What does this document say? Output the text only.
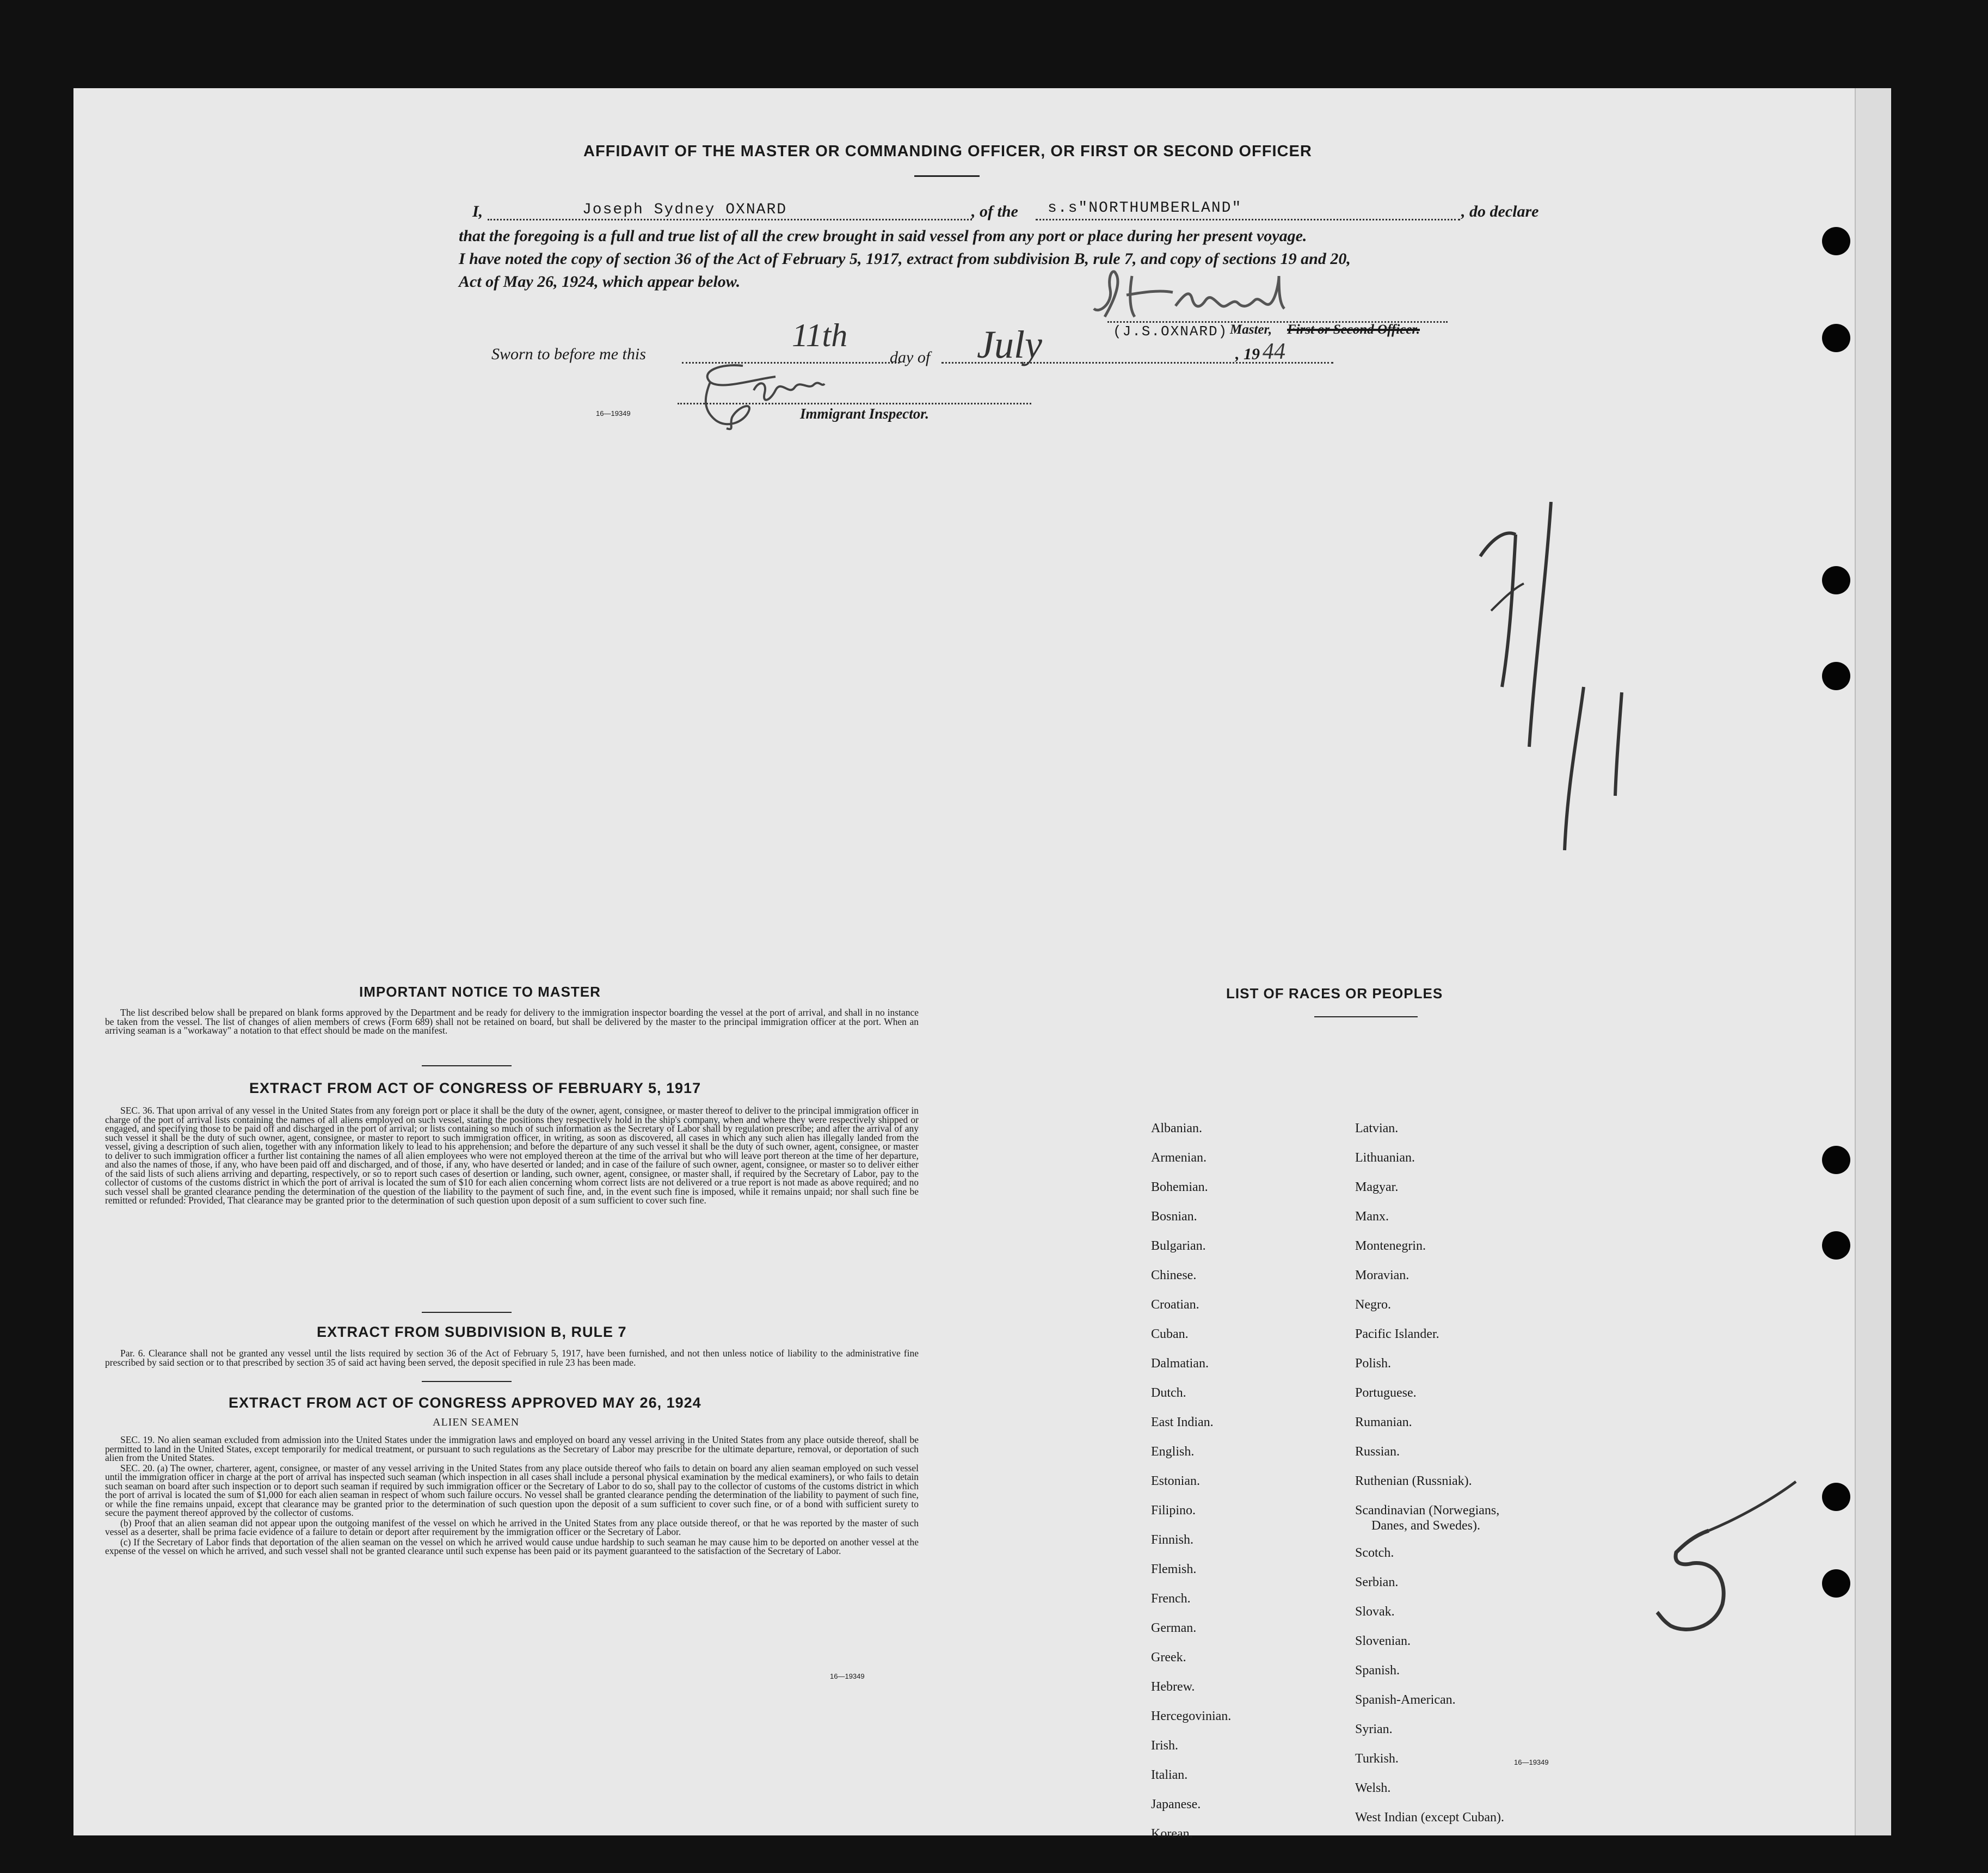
AFFIDAVIT OF THE MASTER OR COMMANDING OFFICER, OR FIRST OR SECOND OFFICER
I,	Joseph Sydney OXNARD	, of the s.s"NORTHUMBERLAND"	, do declare
that the foregoing is a full and true list of all the crew brought in said vessel from any port or place during her present voyage.
I have noted the copy of section 36 of the Act of February 5, 1917, extract from subdivision B, rule 7, and copy of sections 19 and 20,
Act of May 26, 1924, which appear below.
(J.S.OXNARD) Master, First or Second Officer.
Sworn to before me this
11th
day of July	, 19 44
16—19349	Immigrant Inspector.
IMPORTANT NOTICE TO MASTER

The list described below shall be prepared on blank forms approved by the Department and be ready for delivery to the immigration inspector boarding the vessel at the port of arrival, and shall in no instance be taken from the vessel. The list of changes of alien members of crews (Form 689) shall not be retained on board, but shall be delivered by the master to the principal immigration officer at the port. When an arriving seaman is a "workaway" a notation to that effect should be made on the manifest.

EXTRACT FROM ACT OF CONGRESS OF FEBRUARY 5, 1917

SEC. 36. That upon arrival of any vessel in the United States from any foreign port or place it shall be the duty of the owner, agent, consignee, or master thereof to deliver to the principal immigration officer in charge of the port of arrival lists containing the names of all aliens employed on such vessel, stating the positions they respectively hold in the ship's company, when and where they were respectively shipped or engaged, and specifying those to be paid off and discharged in the port of arrival; or lists containing so much of such information as the Secretary of Labor shall by regulation prescribe; and after the arrival of any such vessel it shall be the duty of such owner, agent, consignee, or master to report to such immigration officer, in writing, as soon as discovered, all cases in which any such alien has illegally landed from the vessel, giving a description of such alien, together with any information likely to lead to his apprehension; and before the departure of any such vessel it shall be the duty of such owner, agent, consignee, or master to deliver to such immigration officer a further list containing the names of all alien employees who were not employed thereon at the time of the arrival but who will leave port thereon at the time of her departure, and also the names of those, if any, who have been paid off and discharged, and of those, if any, who have deserted or landed; and in case of the failure of such owner, agent, consignee, or master so to deliver either of the said lists of such aliens arriving and departing, respectively, or so to report such cases of desertion or landing, such owner, agent, consignee, or master shall, if required by the Secretary of Labor, pay to the collector of customs of the customs district in which the port of arrival is located the sum of $10 for each alien concerning whom correct lists are not delivered or a true report is not made as above required; and no such vessel shall be granted clearance pending the determination of the question of the liability to the payment of such fine, and, in the event such fine is imposed, while it remains unpaid; nor shall such fine be remitted or refunded: Provided, That clearance may be granted prior to the determination of such question upon deposit of a sum sufficient to cover such fine.

EXTRACT FROM SUBDIVISION B, RULE 7

Par. 6. Clearance shall not be granted any vessel until the lists required by section 36 of the Act of February 5, 1917, have been furnished, and not then unless notice of liability to the administrative fine prescribed by said section or to that prescribed by section 35 of said act having been served, the deposit specified in rule 23 has been made.

EXTRACT FROM ACT OF CONGRESS APPROVED MAY 26, 1924
ALIEN SEAMEN

SEC. 19. No alien seaman excluded from admission into the United States under the immigration laws and employed on board any vessel arriving in the United States from any place outside thereof, shall be permitted to land in the United States, except temporarily for medical treatment, or pursuant to such regulations as the Secretary of Labor may prescribe for the ultimate departure, removal, or deportation of such alien from the United States.

SEC. 20. (a) The owner, charterer, agent, consignee, or master of any vessel arriving in the United States from any place outside thereof who fails to detain on board any alien seaman employed on such vessel until the immigration officer in charge at the port of arrival has inspected such seaman (which inspection in all cases shall include a personal physical examination by the medical examiners), or who fails to detain such seaman on board after such inspection or to deport such seaman if required by such immigration officer or the Secretary of Labor to do so, shall pay to the collector of customs of the customs district in which the port of arrival is located the sum of $1,000 for each alien seaman in respect of whom such failure occurs. No vessel shall be granted clearance pending the determination of the liability to payment of such fine, or while the fine remains unpaid, except that clearance may be granted prior to the determination of such question upon the deposit of a sum sufficient to cover such fine, or of a bond with sufficient surety to secure the payment thereof approved by the collector of customs.

(b) Proof that an alien seaman did not appear upon the outgoing manifest of the vessel on which he arrived in the United States from any place outside thereof, or that he was reported by the master of such vessel as a deserter, shall be prima facie evidence of a failure to detain or deport after requirement by the immigration officer or the Secretary of Labor.

(c) If the Secretary of Labor finds that deportation of the alien seaman on the vessel on which he arrived would cause undue hardship to such seaman he may cause him to be deported on another vessel at the expense of the vessel on which he arrived, and such vessel shall not be granted clearance until such expense has been paid or its payment guaranteed to the satisfaction of the Secretary of Labor.

16—19349
LIST OF RACES OR PEOPLES
16—19349
Albanian.
Armenian.
Bohemian.
Bosnian.
Bulgarian.
Chinese.
Croatian.
Cuban.
Dalmatian.
Dutch.
East Indian.
English.
Estonian.
Filipino.
Finnish.
Flemish.
French.
German.
Greek.
Hebrew.
Hercegovinian.
Irish.
Italian.
Japanese.
Korean.
Latvian.
Lithuanian.
Magyar.
Manx.
Montenegrin.
Moravian.
Negro.
Pacific Islander.
Polish.
Portuguese.
Rumanian.
Russian.
Ruthenian (Russniak).
Scandinavian (Norwegians,
Danes, and Swedes).
Scotch.
Serbian.
Slovak.
Slovenian.
Spanish.
Spanish-American.
Syrian.
Turkish.
Welsh.
West Indian (except Cuban).
